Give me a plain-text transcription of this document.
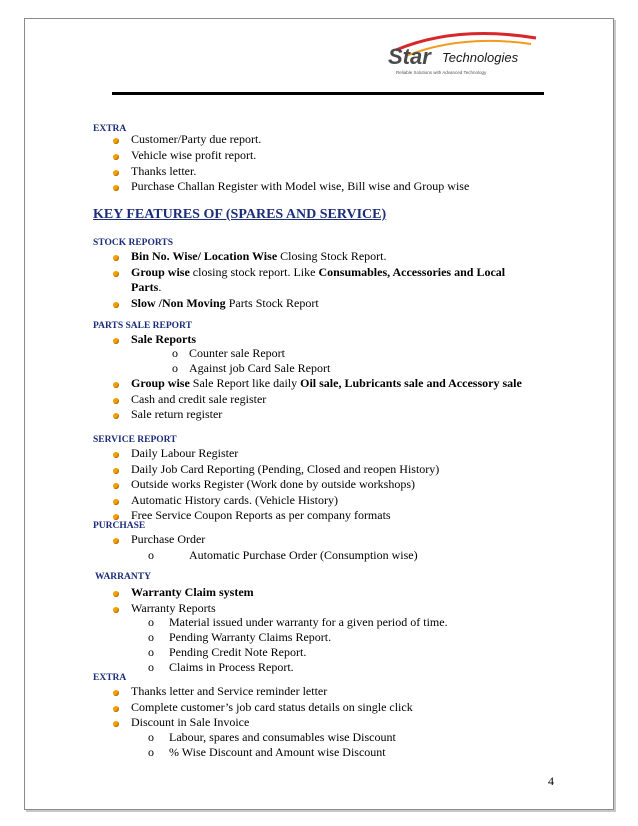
Star Technologies
Reliable Solutions with Advanced Technology
EXTRA
Customer/Party due report.
Vehicle wise profit report.
Thanks letter.
Purchase Challan Register with Model wise, Bill wise and Group wise
KEY FEATURES OF (SPARES AND SERVICE)
STOCK REPORTS
Bin No. Wise/ Location Wise Closing Stock Report.
Group wise closing stock report. Like Consumables, Accessories and Local
Parts.
Slow /Non Moving Parts Stock Report
PARTS SALE REPORT
Sale Reports
o Counter sale Report
o Against job Card Sale Report
Group wise Sale Report like daily Oil sale, Lubricants sale and Accessory sale
Cash and credit sale register
Sale return register
SERVICE REPORT
Daily Labour Register
Daily Job Card Reporting (Pending, Closed and reopen History)
Outside works Register (Work done by outside workshops)
Automatic History cards. (Vehicle History)
Free Service Coupon Reports as per company formats
PURCHASE
Purchase Order
o	Automatic Purchase Order (Consumption wise)
WARRANTY
Warranty Claim system
Warranty Reports
o Material issued under warranty for a given period of time.
o Pending Warranty Claims Report.
o Pending Credit Note Report.
o Claims in Process Report.
EXTRA
Thanks letter and Service reminder letter
Complete customer’s job card status details on single click
Discount in Sale Invoice
o Labour, spares and consumables wise Discount
o % Wise Discount and Amount wise Discount
4
